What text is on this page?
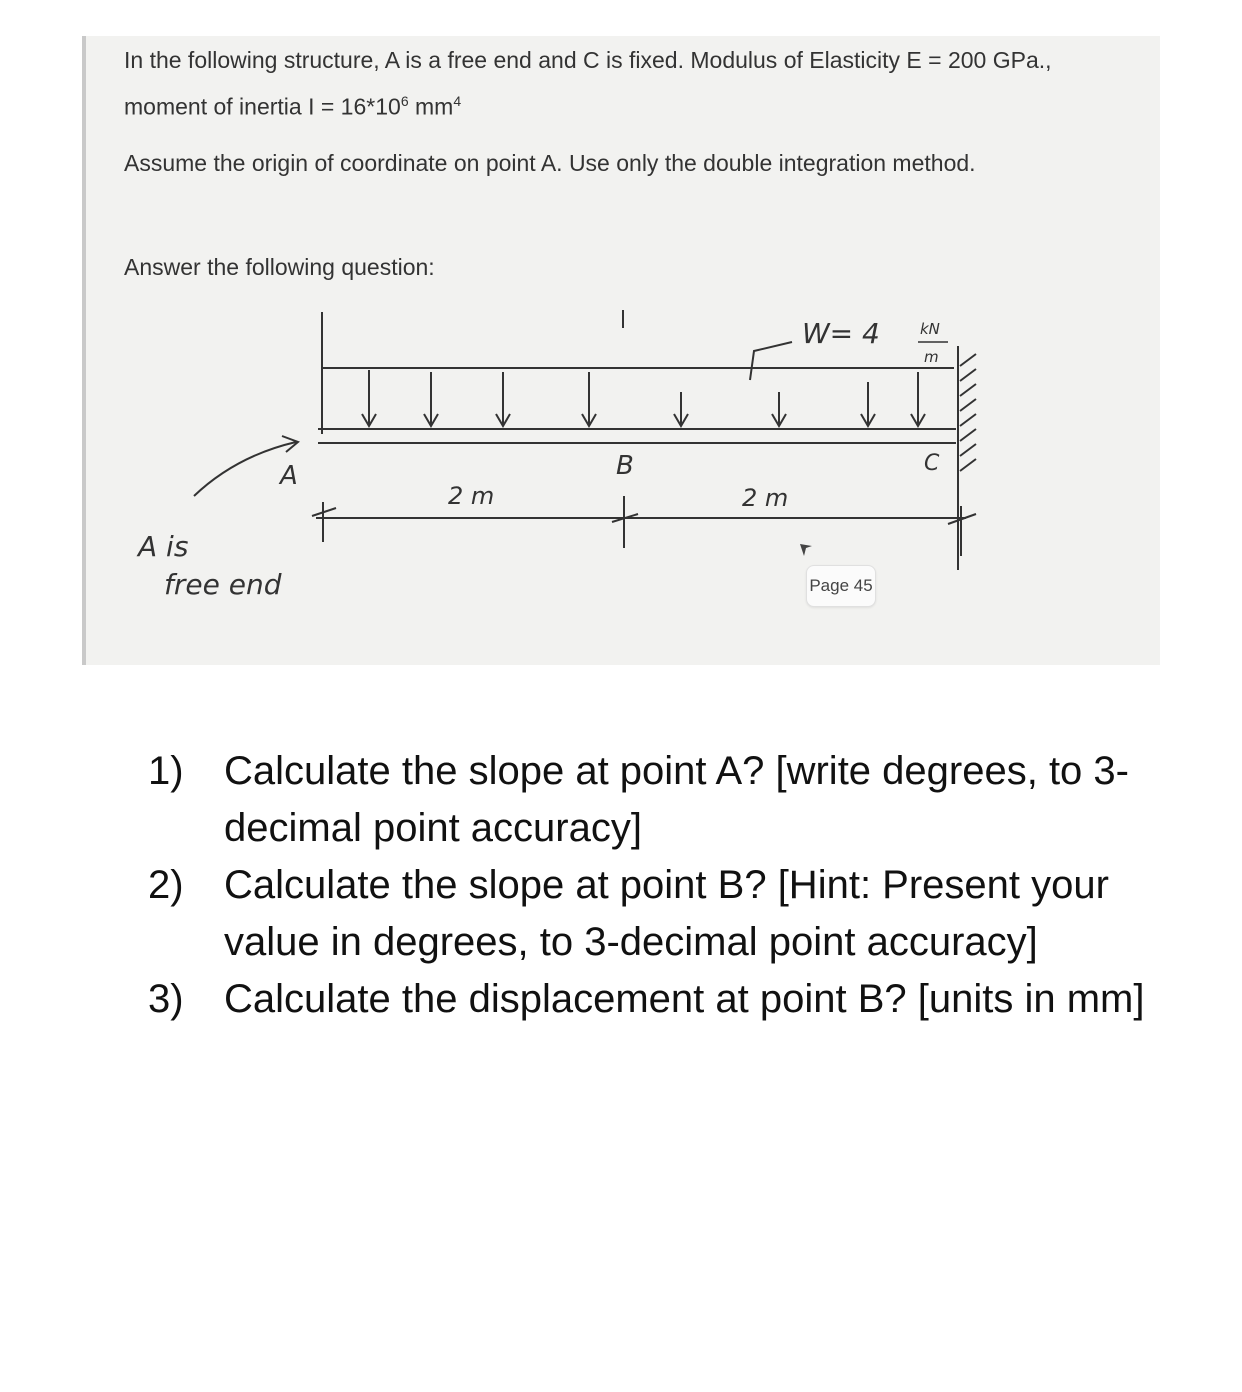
In the following structure, A is a free end and C is fixed. Modulus of Elasticity E = 200 GPa., moment of inertia $I = 16*10^6$ $mm^4$

Assume the origin of coordinate on point A. Use only the double integration method.

Answer the following question:

W= 4	kN
m
A	B	C
2 m	2 m
A is
free end	Page 45
1) Calculate the slope at point A? [write degrees, to 3-decimal point accuracy]
2) Calculate the slope at point B? [Hint: Present your value in degrees, to 3-decimal point accuracy]
3) Calculate the displacement at point B? [units in mm]
